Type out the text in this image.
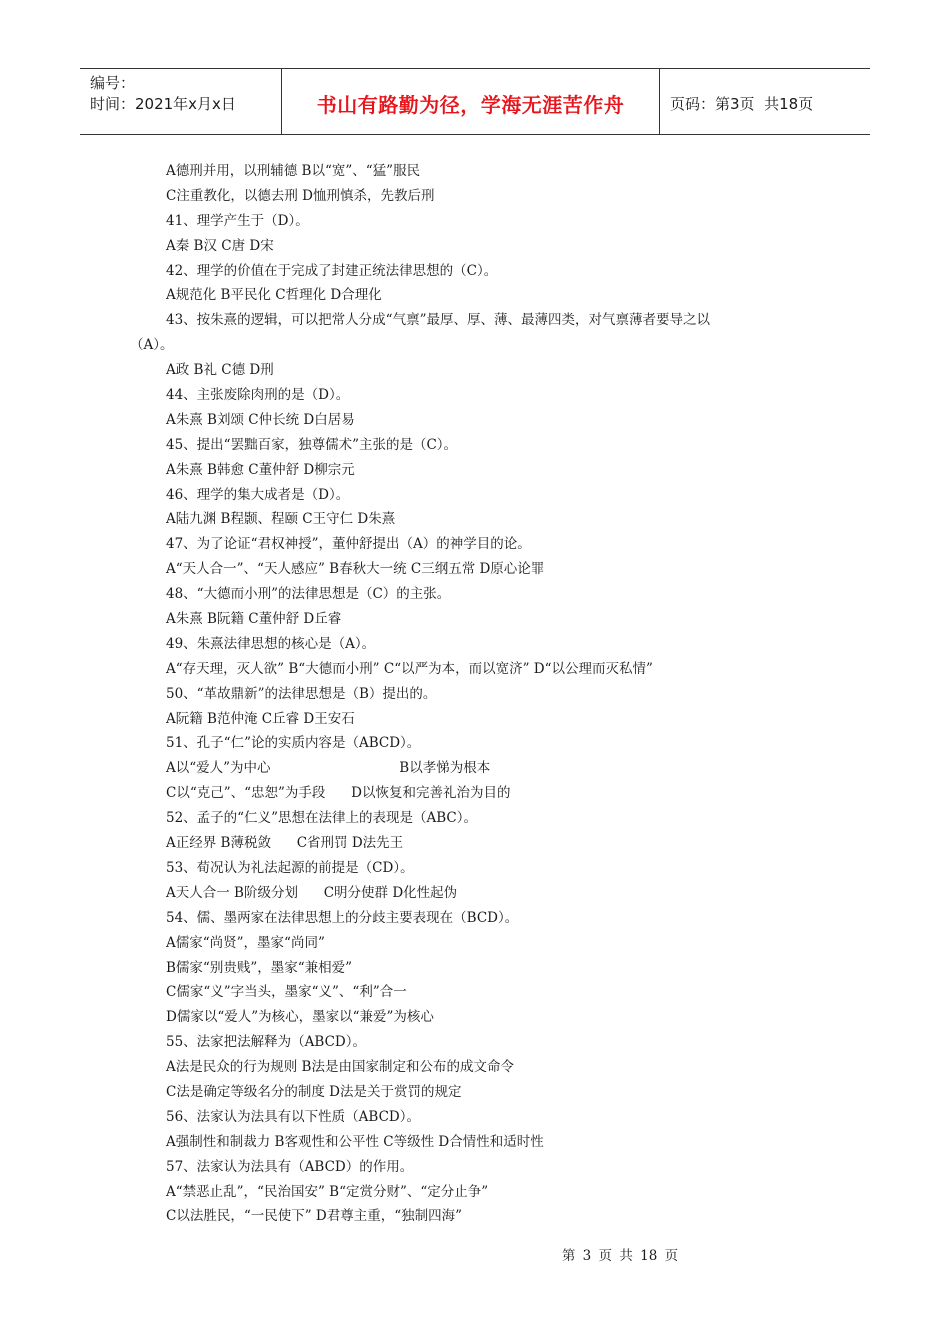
编号：
时间：2021年x月x日	书山有路勤为径，学海无涯苦作舟	页码：第3页  共18页
A德刑并用，以刑辅德 B以“宽”、“猛”服民
C注重教化，以德去刑 D恤刑慎杀，先教后刑
41、理学产生于（D）。
A秦 B汉 C唐 D宋
42、理学的价值在于完成了封建正统法律思想的（C）。
A规范化 B平民化 C哲理化 D合理化
43、按朱熹的逻辑，可以把常人分成“气禀”最厚、厚、薄、最薄四类，对气禀薄者要导之以
（A）。
A政 B礼 C德 D刑
44、主张废除肉刑的是（D）。
A朱熹 B刘颂 C仲长统 D白居易
45、提出“罢黜百家，独尊儒术”主张的是（C）。
A朱熹 B韩愈 C董仲舒 D柳宗元
46、理学的集大成者是（D）。
A陆九渊 B程颢、程颐 C王守仁 D朱熹
47、为了论证“君权神授”，董仲舒提出（A）的神学目的论。
A“天人合一”、“天人感应” B春秋大一统 C三纲五常 D原心论罪
48、“大德而小刑”的法律思想是（C）的主张。
A朱熹 B阮籍 C董仲舒 D丘睿
49、朱熹法律思想的核心是（A）。
A“存天理，灭人欲” B“大德而小刑” C“以严为本，而以宽济” D“以公理而灭私情”
50、“革故鼎新”的法律思想是（B）提出的。
A阮籍 B范仲淹 C丘睿 D王安石
51、孔子“仁”论的实质内容是（ABCD）。
A以“爱人”为中心                              B以孝悌为根本
C以“克己”、“忠恕”为手段      D以恢复和完善礼治为目的
52、孟子的“仁义”思想在法律上的表现是（ABC）。
A正经界 B薄税敛      C省刑罚 D法先王
53、荀况认为礼法起源的前提是（CD）。
A天人合一 B阶级分划      C明分使群 D化性起伪
54、儒、墨两家在法律思想上的分歧主要表现在（BCD）。
A儒家“尚贤”，墨家“尚同”
B儒家“别贵贱”，墨家“兼相爱”
C儒家“义”字当头，墨家“义”、“利”合一
D儒家以“爱人”为核心，墨家以“兼爱”为核心
55、法家把法解释为（ABCD）。
A法是民众的行为规则 B法是由国家制定和公布的成文命令
C法是确定等级名分的制度 D法是关于赏罚的规定
56、法家认为法具有以下性质（ABCD）。
A强制性和制裁力 B客观性和公平性 C等级性 D合情性和适时性
57、法家认为法具有（ABCD）的作用。
A“禁恶止乱”，“民治国安” B“定赏分财”、“定分止争”
C以法胜民，“一民使下” D君尊主重，“独制四海”
第 3 页 共 18 页
